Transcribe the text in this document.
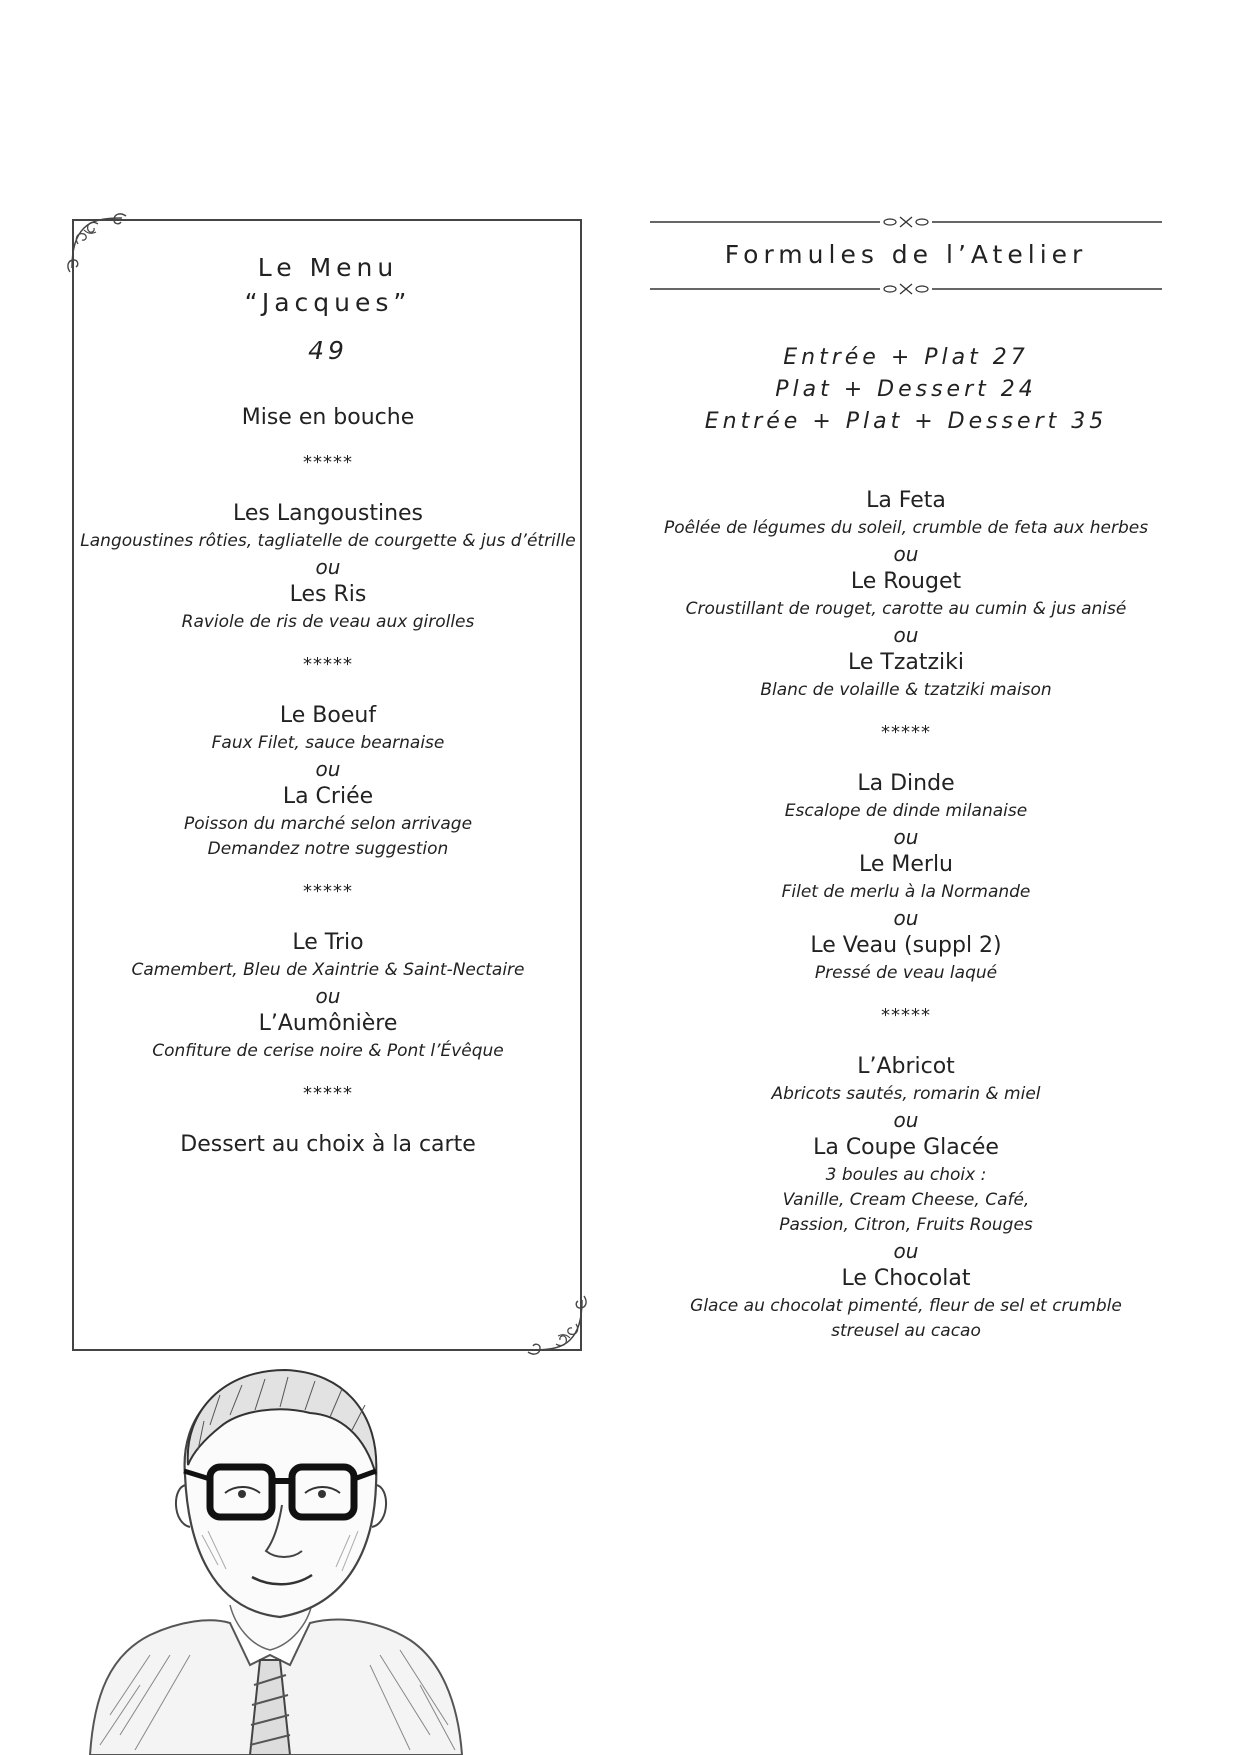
Le Menu
“Jacques”
49
Mise en bouche
*****
Les Langoustines
Langoustines rôties, tagliatelle de courgette & jus d’étrille
ou
Les Ris
Raviole de ris de veau aux girolles
*****
Le Boeuf
Faux Filet, sauce bearnaise
ou
La Criée
Poisson du marché selon arrivage
Demandez notre suggestion
*****
Le Trio
Camembert, Bleu de Xaintrie & Saint-Nectaire
ou
L’Aumônière
Confiture de cerise noire & Pont l’Évêque
*****
Dessert au choix à la carte
Formules de l’Atelier
Entrée + Plat 27
Plat + Dessert 24
Entrée + Plat + Dessert 35
La Feta
Poêlée de légumes du soleil, crumble de feta aux herbes
ou
Le Rouget
Croustillant de rouget, carotte au cumin & jus anisé
ou
Le Tzatziki
Blanc de volaille & tzatziki maison
*****
La Dinde
Escalope de dinde milanaise
ou
Le Merlu
Filet de merlu à la Normande
ou
Le Veau (suppl 2)
Pressé de veau laqué
*****
L’Abricot
Abricots sautés, romarin & miel
ou
La Coupe Glacée
3 boules au choix :
Vanille, Cream Cheese, Café,
Passion, Citron, Fruits Rouges
ou
Le Chocolat
Glace au chocolat pimenté, fleur de sel et crumble
streusel au cacao
